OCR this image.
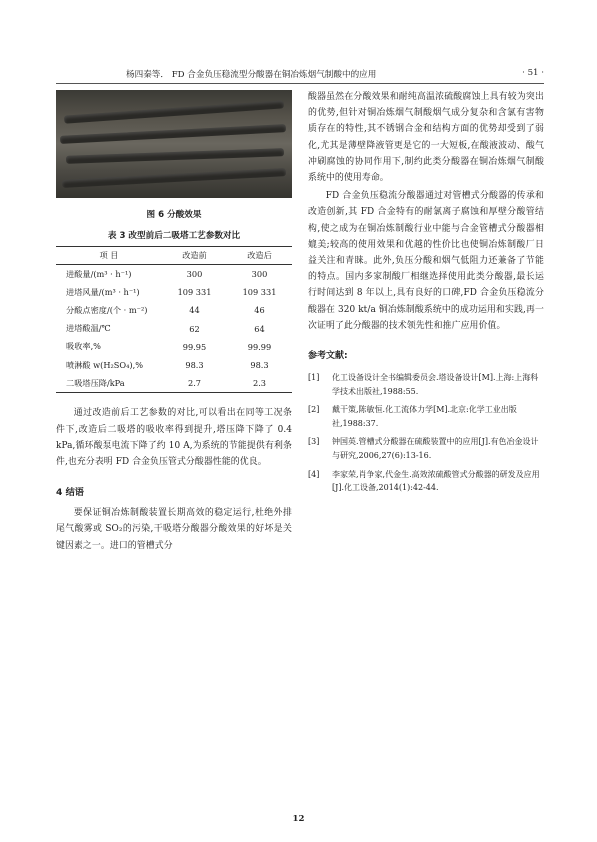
杨四秦等． FD 合金负压稳流型分酸器在铜冶炼烟气制酸中的应用	· 51 ·
图 6 分酸效果
表 3 改型前后二吸塔工艺参数对比
项 目	改造前	改造后
进酸量/(m³ · h⁻¹)	300	300
进塔风量/(m³ · h⁻¹)	109 331	109 331
分酸点密度/(个 · m⁻²)	44	46
进塔酸温/℃	62	64
吸收率,%	99.95	99.99
喷淋酸 w(H₂SO₄),%	98.3	98.3
二吸塔压降/kPa	2.7	2.3

通过改造前后工艺参数的对比,可以看出在同等工况条件下,改造后二吸塔的吸收率得到提升,塔压降下降了 0.4 kPa,循环酸泵电流下降了约 10 A,为系统的节能提供有利条件,也充分表明 FD 合金负压管式分酸器性能的优良。

4 结语

要保证铜冶炼制酸装置长期高效的稳定运行,杜绝外排尾气酸雾或 SO₂的污染,干吸塔分酸器分酸效果的好坏是关键因素之一。进口的管槽式分

酸器虽然在分酸效果和耐纯高温浓硫酸腐蚀上具有较为突出的优势,但针对铜冶炼烟气制酸烟气成分复杂和含氯有害物质存在的特性,其不锈钢合金和结构方面的优势却受到了弱化,尤其是薄壁降液管更是它的一大短板,在酸液波动、酸气冲刷腐蚀的协同作用下,制约此类分酸器在铜冶炼烟气制酸系统中的使用寿命。

FD 合金负压稳流分酸器通过对管槽式分酸器的传承和改造创新,其 FD 合金特有的耐氯离子腐蚀和厚壁分酸管结构,使之成为在铜冶炼制酸行业中能与合金管槽式分酸器相媲美;较高的使用效果和优越的性价比也使铜冶炼制酸厂日益关注和青睐。此外,负压分酸和烟气低阻力还兼备了节能的特点。国内多家制酸厂相继选择使用此类分酸器,最长运行时间达到 8 年以上,具有良好的口碑,FD 合金负压稳流分酸器在 320 kt/a 铜冶炼制酸系统中的成功运用和实践,再一次证明了此分酸器的技术领先性和推广应用价值。

参考文献:
[1]	化工设备设计全书编辑委员会.塔设备设计[M].上海:上海科学技术出版社,1988:55.
[2]	戴干策,陈敏恒.化工流体力学[M].北京:化学工业出版社,1988:37.
[3]	钟国英.管槽式分酸器在硫酸装置中的应用[J].有色冶金设计与研究,2006,27(6):13-16.
[4]	李家荣,肖争家,代金生.高效浓硫酸管式分酸器的研发及应用[J].化工设备,2014(1):42-44.
12
